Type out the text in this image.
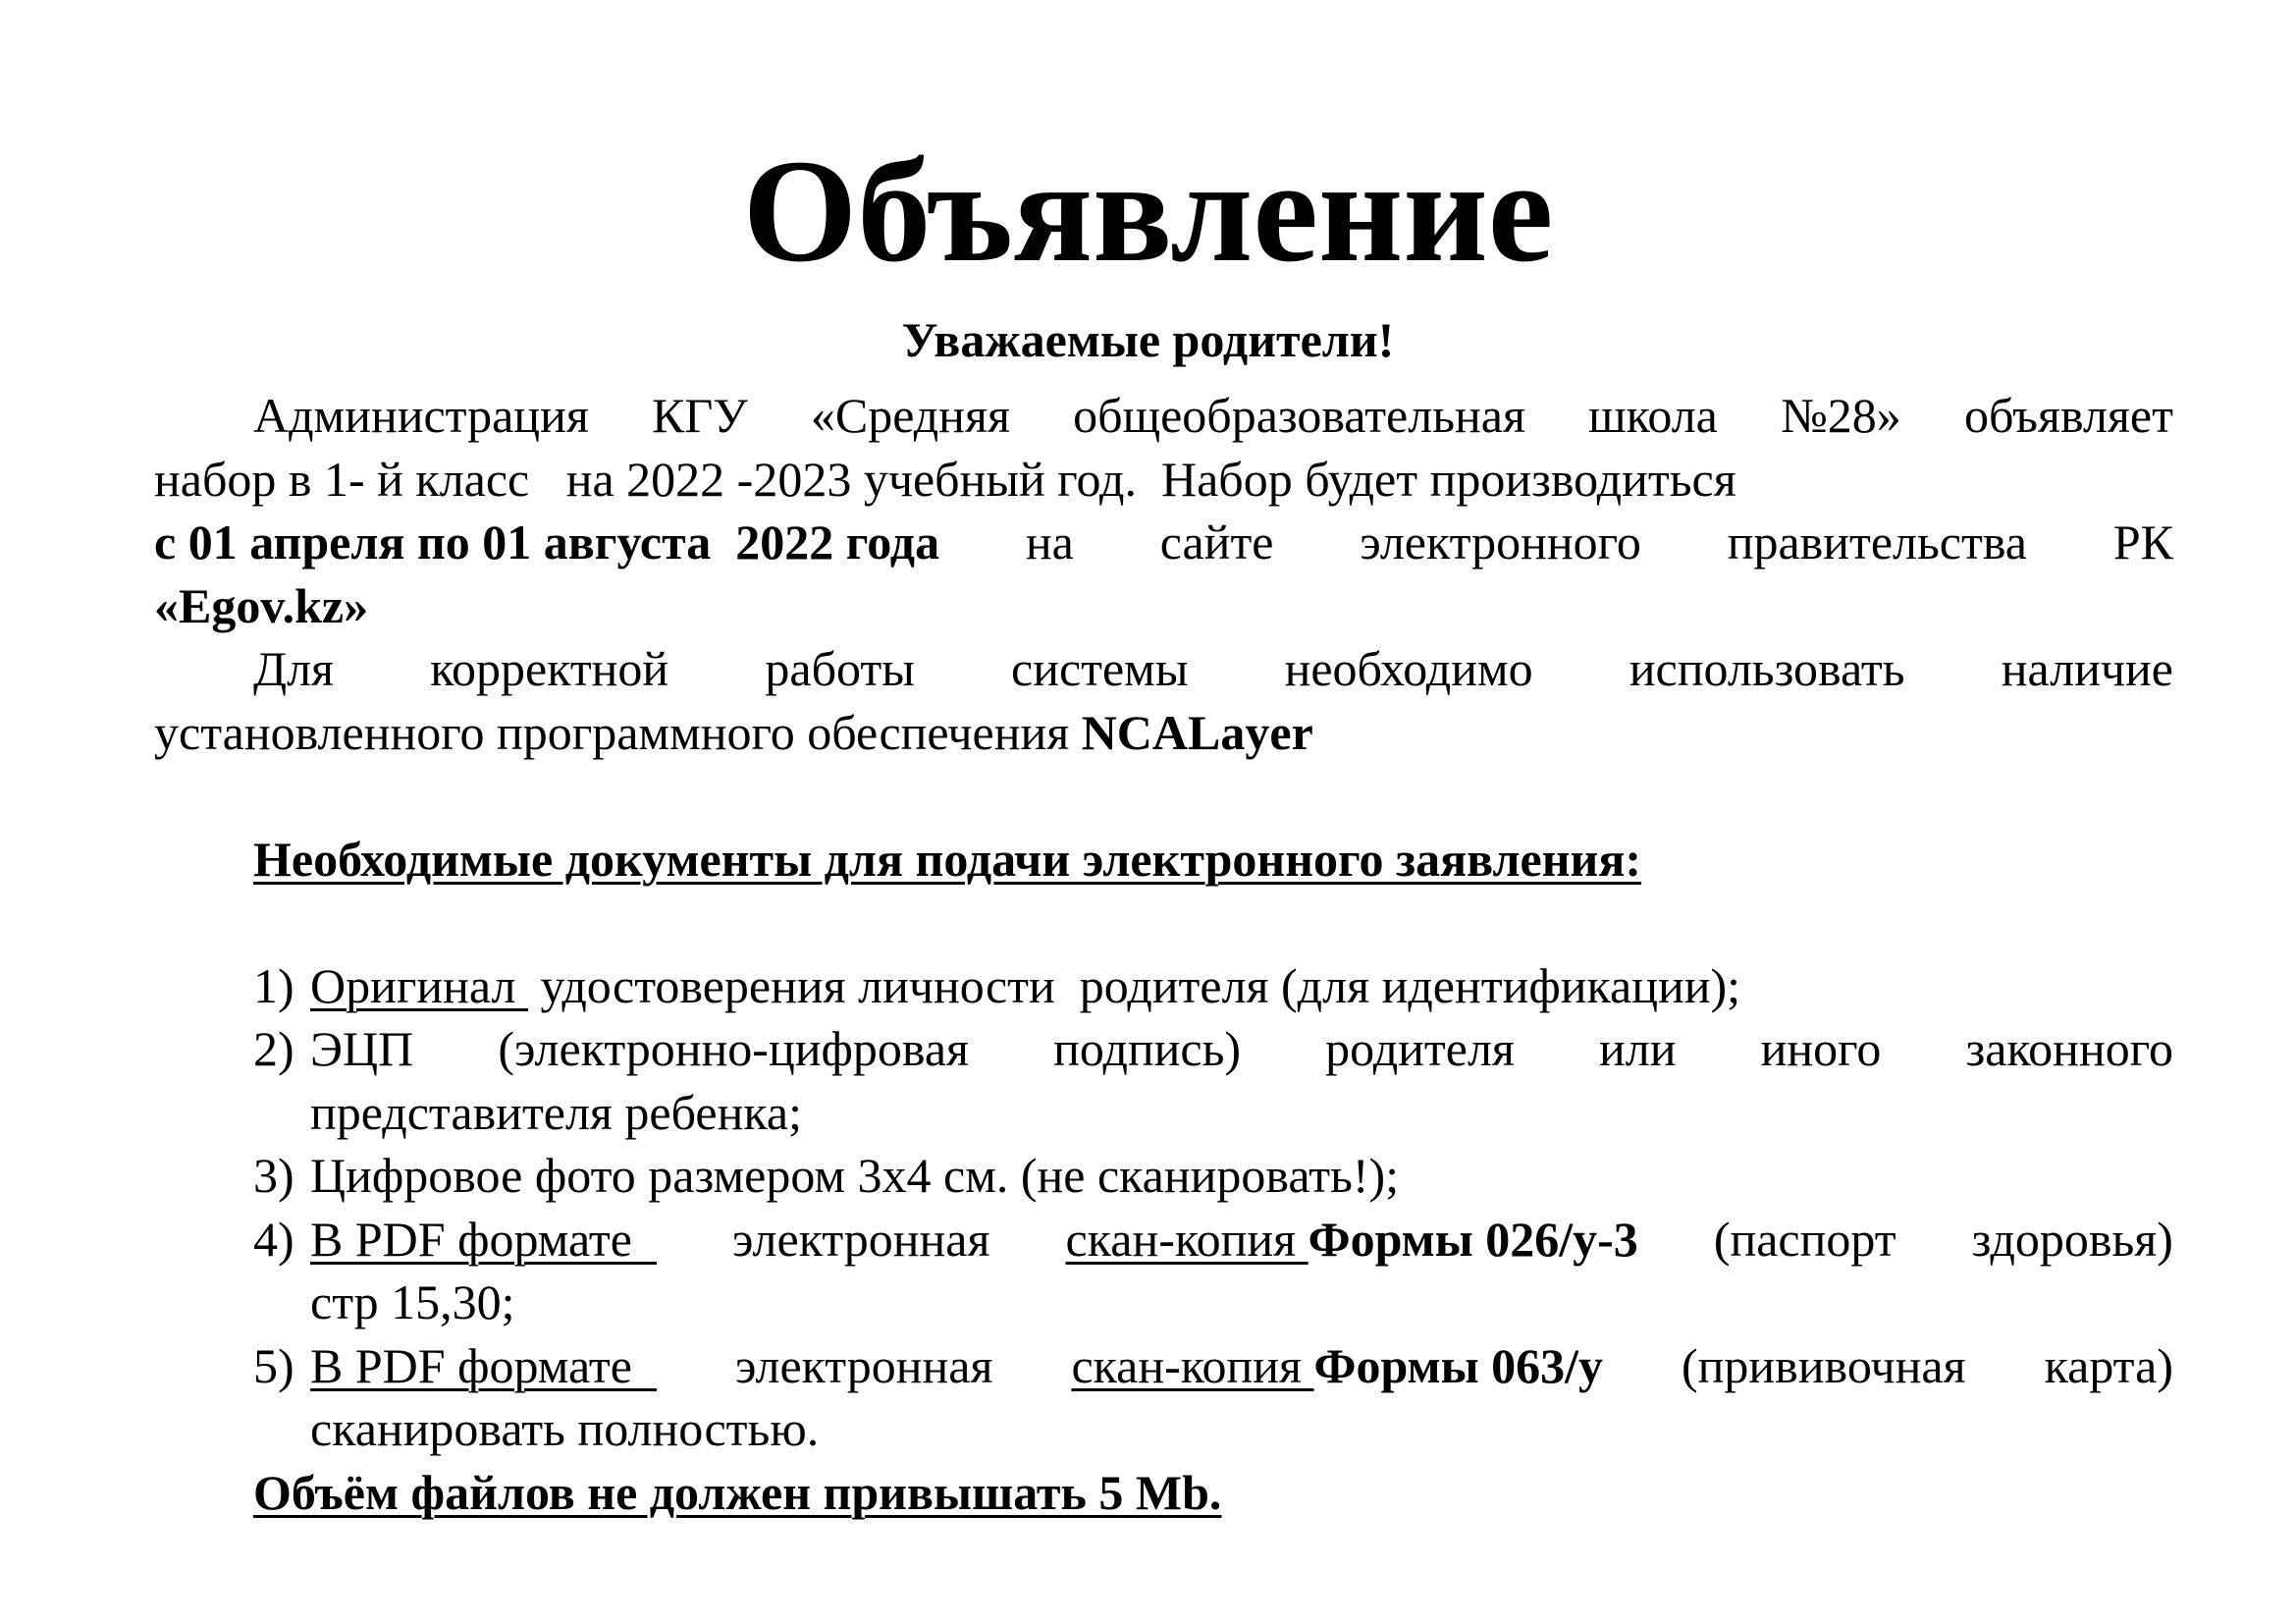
Объявление
Уважаемые родители!
Администрация КГУ «Средняя общеобразовательная школа №28» объявляет
набор в 1- й класс   на 2022 -2023 учебный год.  Набор будет производиться
с 01 апреля по 01 августа  2022 года на сайте электронного правительства РК
«Egov.kz»
Для корректной работы системы необходимо использовать наличие
установленного программного обеспечения NCALayer
Необходимые документы для подачи электронного заявления:
1) Оригинал  удостоверения личности  родителя (для идентификации);
2) ЭЦП (электронно-цифровая подпись) родителя или иного законного
представителя ребенка;
3) Цифровое фото размером 3х4 см. (не сканировать!);
4) В PDF формате электронная скан-копия Формы 026/у-3 (паспорт здоровья)
стр 15,30;
5) В PDF формате электронная скан-копия Формы 063/у (прививочная карта)
сканировать полностью.
Объём файлов не должен привышать 5 Mb.
